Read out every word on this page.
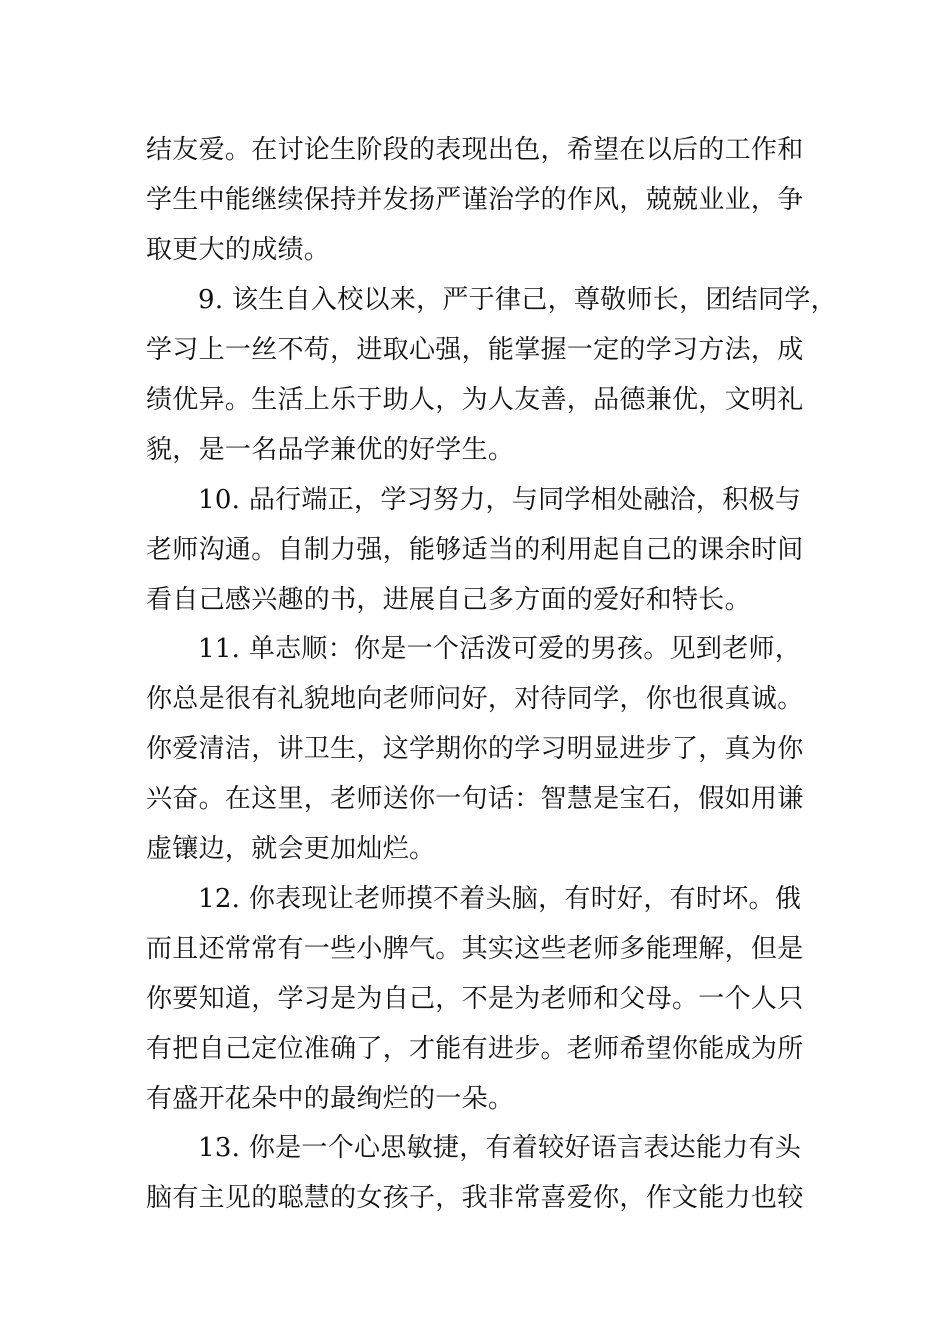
结友爱。在讨论生阶段的表现出色，希望在以后的工作和
学生中能继续保持并发扬严谨治学的作风，兢兢业业，争
取更大的成绩。
9. 该生自入校以来，严于律己，尊敬师长，团结同学，
学习上一丝不苟，进取心强，能掌握一定的学习方法，成
绩优异。生活上乐于助人，为人友善，品德兼优，文明礼
貌，是一名品学兼优的好学生。
10. 品行端正，学习努力，与同学相处融洽，积极与
老师沟通。自制力强，能够适当的利用起自己的课余时间
看自己感兴趣的书，进展自己多方面的爱好和特长。
11. 单志顺：你是一个活泼可爱的男孩。见到老师，
你总是很有礼貌地向老师问好，对待同学，你也很真诚。
你爱清洁，讲卫生，这学期你的学习明显进步了，真为你
兴奋。在这里，老师送你一句话：智慧是宝石，假如用谦
虚镶边，就会更加灿烂。
12. 你表现让老师摸不着头脑，有时好，有时坏。俄
而且还常常有一些小脾气。其实这些老师多能理解，但是
你要知道，学习是为自己，不是为老师和父母。一个人只
有把自己定位准确了，才能有进步。老师希望你能成为所
有盛开花朵中的最绚烂的一朵。
13. 你是一个心思敏捷，有着较好语言表达能力有头
脑有主见的聪慧的女孩子，我非常喜爱你，作文能力也较
